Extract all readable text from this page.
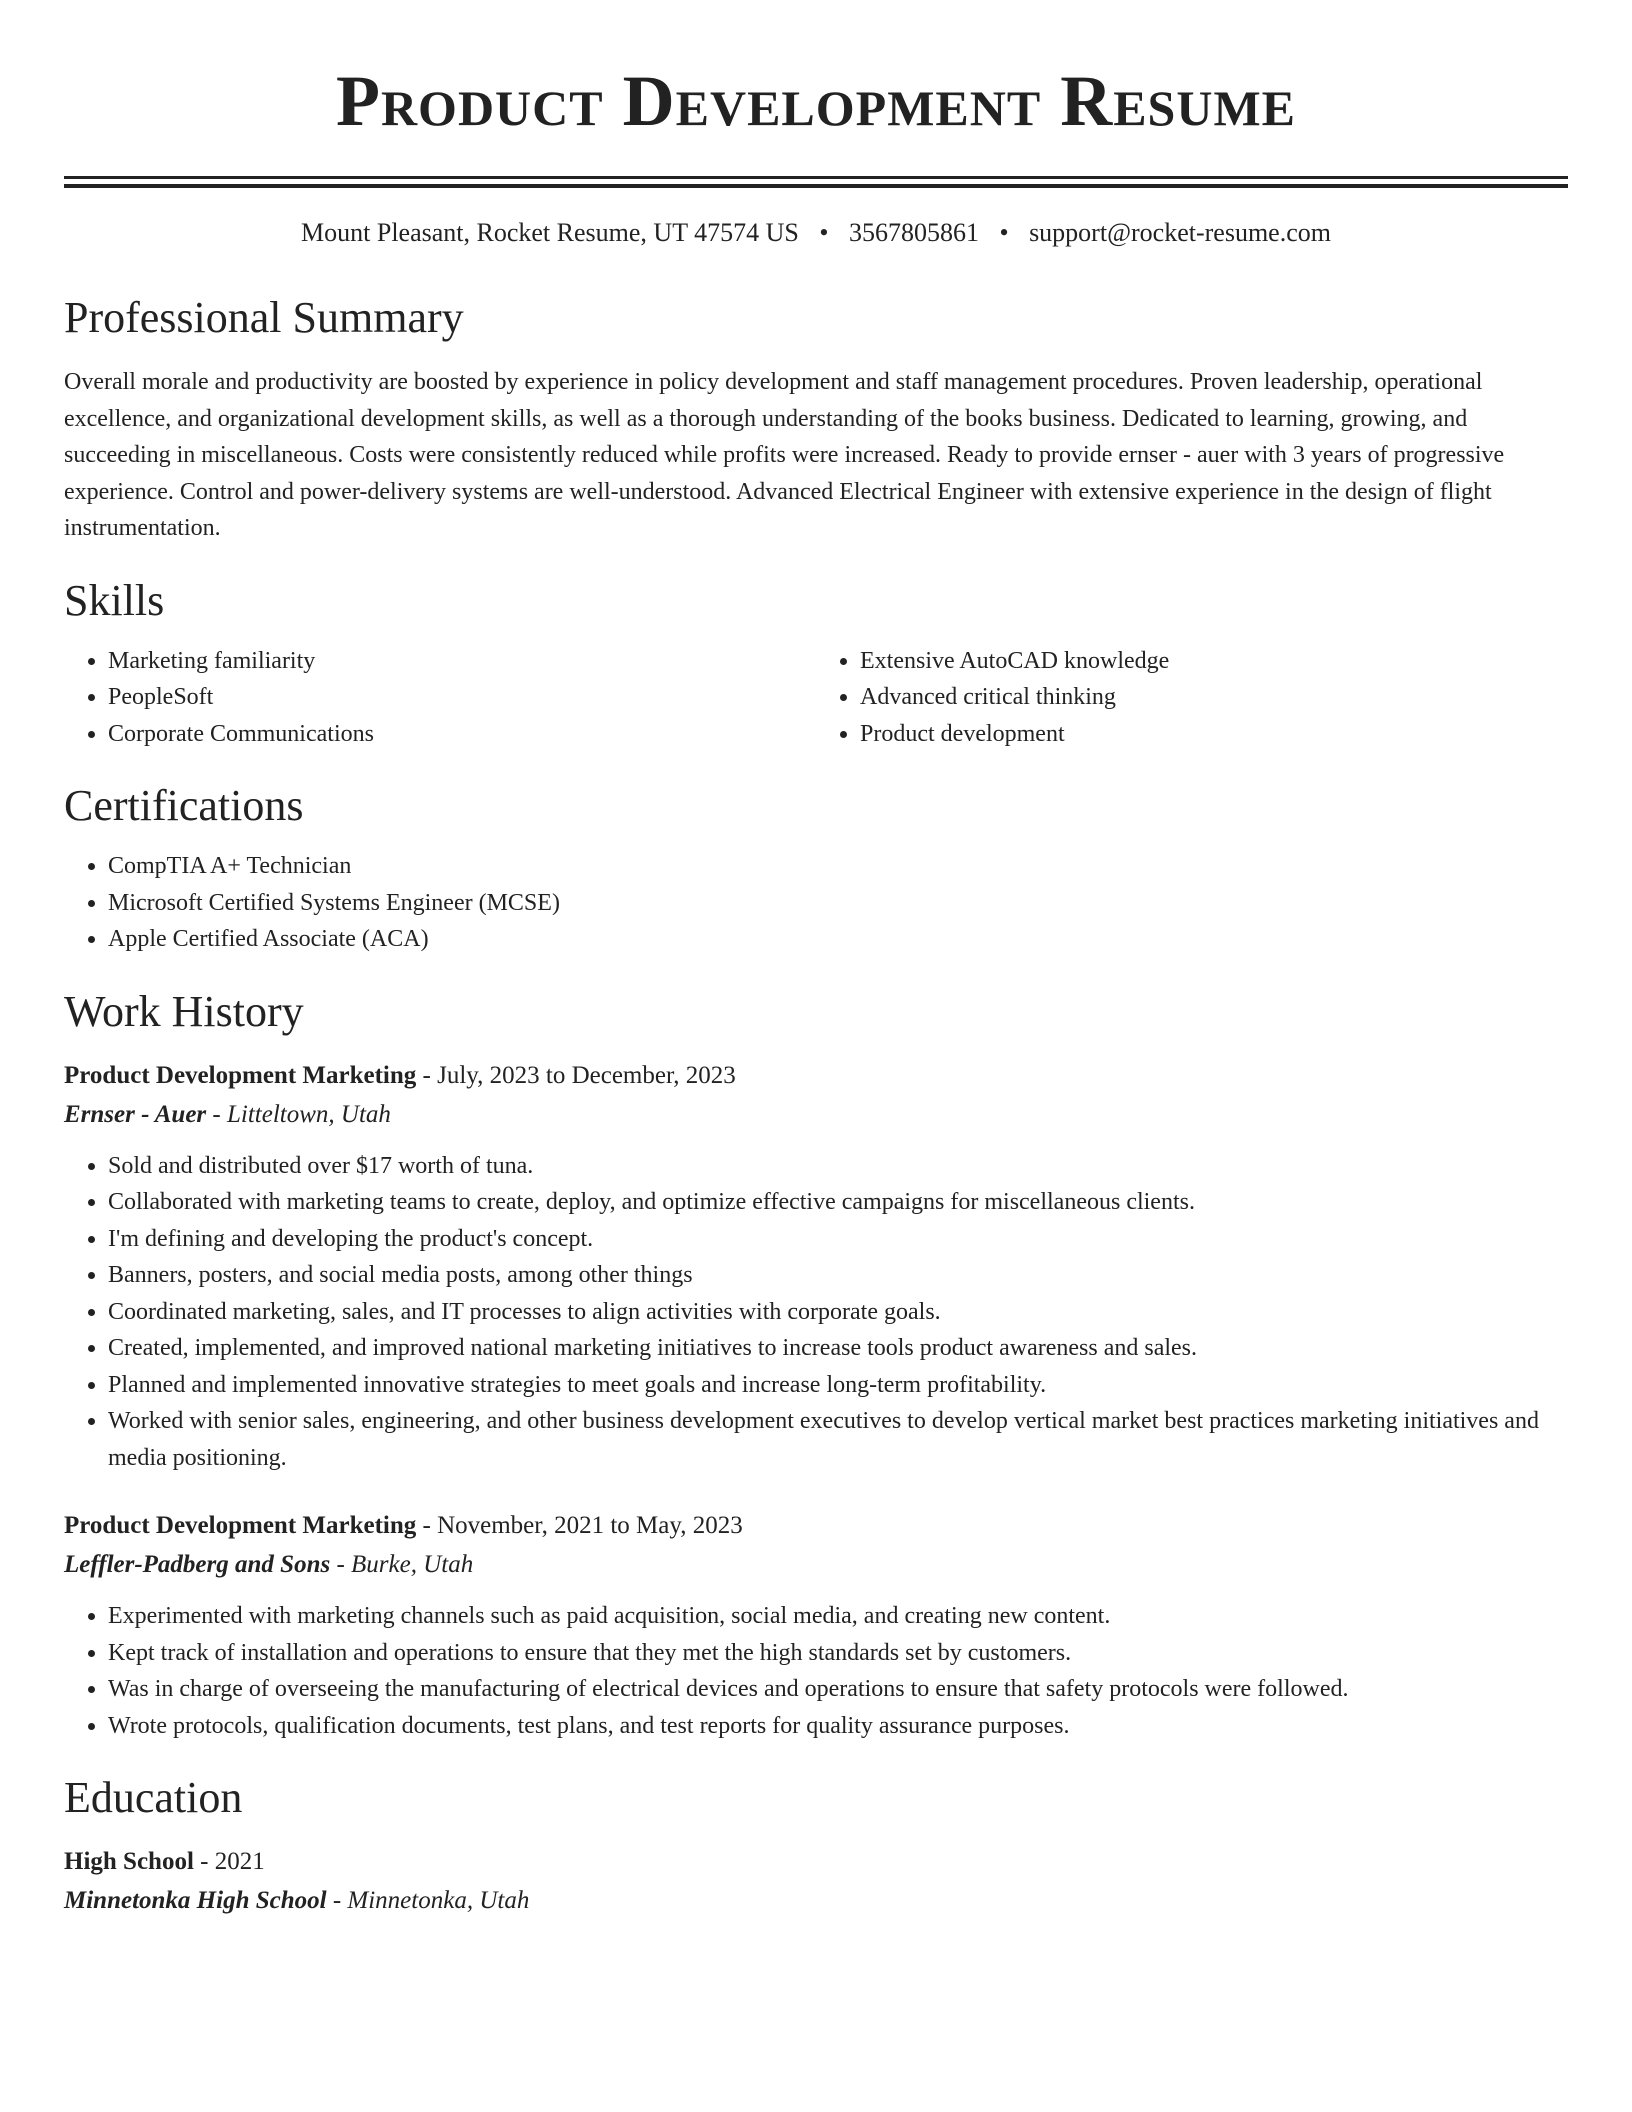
Product Development Resume
Mount Pleasant, Rocket Resume, UT 47574 US • 3567805861 • support@rocket-resume.com
Professional Summary

Overall morale and productivity are boosted by experience in policy development and staff management procedures. Proven leadership, operational excellence, and organizational development skills, as well as a thorough understanding of the books business. Dedicated to learning, growing, and succeeding in miscellaneous. Costs were consistently reduced while profits were increased. Ready to provide ernser - auer with 3 years of progressive experience. Control and power-delivery systems are well-understood. Advanced Electrical Engineer with extensive experience in the design of flight instrumentation.

Skills
• Marketing familiarity
• PeopleSoft
• Corporate Communications
• Extensive AutoCAD knowledge
• Advanced critical thinking
• Product development
Certifications
• CompTIA A+ Technician
• Microsoft Certified Systems Engineer (MCSE)
• Apple Certified Associate (ACA)
Work History

Product Development Marketing - July, 2023 to December, 2023

Ernser - Auer - Litteltown, Utah

• Sold and distributed over $17 worth of tuna.
• Collaborated with marketing teams to create, deploy, and optimize effective campaigns for miscellaneous clients.
• I'm defining and developing the product's concept.
• Banners, posters, and social media posts, among other things
• Coordinated marketing, sales, and IT processes to align activities with corporate goals.
• Created, implemented, and improved national marketing initiatives to increase tools product awareness and sales.
• Planned and implemented innovative strategies to meet goals and increase long-term profitability.
• Worked with senior sales, engineering, and other business development executives to develop vertical market best practices marketing initiatives and media positioning.

Product Development Marketing - November, 2021 to May, 2023

Leffler-Padberg and Sons - Burke, Utah

• Experimented with marketing channels such as paid acquisition, social media, and creating new content.
• Kept track of installation and operations to ensure that they met the high standards set by customers.
• Was in charge of overseeing the manufacturing of electrical devices and operations to ensure that safety protocols were followed.
• Wrote protocols, qualification documents, test plans, and test reports for quality assurance purposes.
Education

High School - 2021

Minnetonka High School - Minnetonka, Utah
